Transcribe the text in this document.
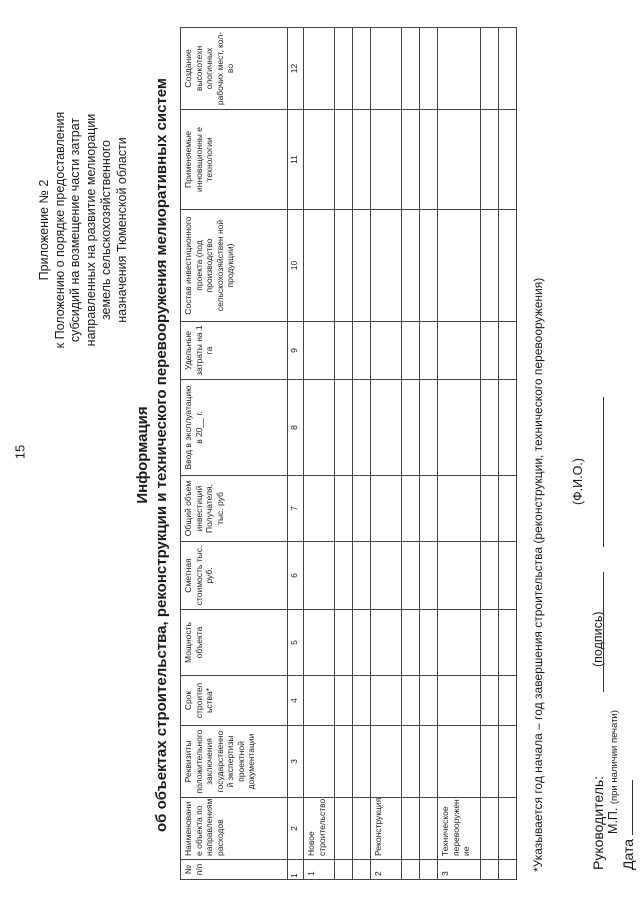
15
Приложение № 2 к Положению о порядке предоставления субсидий на возмещение части затрат направленных на развитие мелиорации земель сельскохозяйственного назначения Тюменской области
Информация об объектах строительства, реконструкции и технического перевооружения мелиоративных систем
№ п/п	Наименовани е объекта по направлениям расходов	Реквизиты положительного заключения государственно й экспертизы проектной документации	Срок строител ьства*	Мощность объекта	Сметная стоимость тыс. руб.	Общий объем инвестиций Получателя, тыс. руб	Ввод в эксплуатацию в 20__ г.	Удельные затраты на 1 га	Состав инвестиционного проекта (под производство сельскохозяйствен ной продукции)	Применяемые инновационны е технологии	Создание высокотехн ологичных рабочих мест, кол-во
1	2	3	4	5	6	7	8	9	10	11	12
1	Новое строительство										

2	Реконструкция										

3	Техническое перевооружен ие										

												*Указывается год начала – год завершения строительства (реконструкции, технического перевооружения) (Ф.И.О.)
Руководитель:
(подпись)
М.П. (при наличии печати)
Дата
